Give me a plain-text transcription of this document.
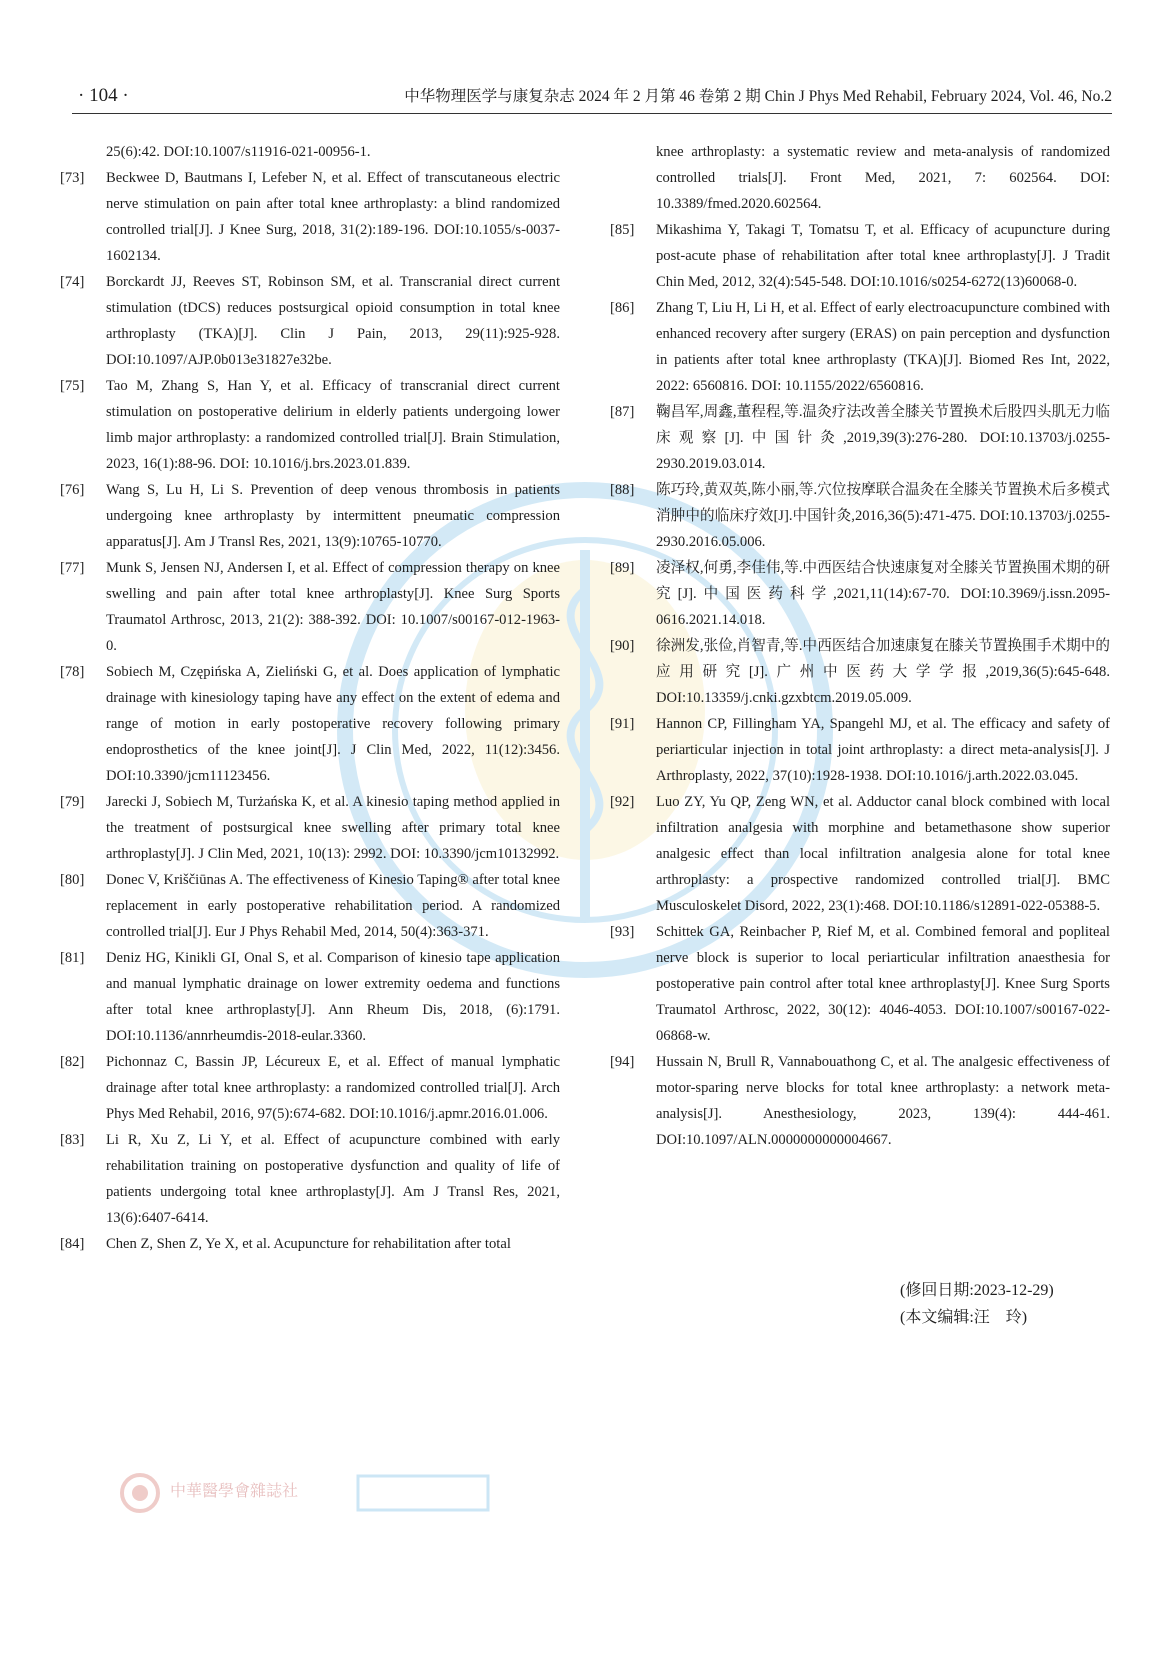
· 104 ·	中华物理医学与康复杂志 2024 年 2 月第 46 卷第 2 期 Chin J Phys Med Rehabil, February 2024, Vol. 46, No.2
25(6):42. DOI:10.1007/s11916-021-00956-1.
[73] Beckwee D, Bautmans I, Lefeber N, et al. Effect of transcutaneous electric nerve stimulation on pain after total knee arthroplasty: a blind randomized controlled trial[J]. J Knee Surg, 2018, 31(2):189-196. DOI:10.1055/s-0037-1602134.
[74] Borckardt JJ, Reeves ST, Robinson SM, et al. Transcranial direct current stimulation (tDCS) reduces postsurgical opioid consumption in total knee arthroplasty (TKA)[J]. Clin J Pain, 2013, 29(11):925-928. DOI:10.1097/AJP.0b013e31827e32be.
[75] Tao M, Zhang S, Han Y, et al. Efficacy of transcranial direct current stimulation on postoperative delirium in elderly patients undergoing lower limb major arthroplasty: a randomized controlled trial[J]. Brain Stimulation, 2023, 16(1):88-96. DOI: 10.1016/j.brs.2023.01.839.
[76] Wang S, Lu H, Li S. Prevention of deep venous thrombosis in patients undergoing knee arthroplasty by intermittent pneumatic compression apparatus[J]. Am J Transl Res, 2021, 13(9):10765-10770.
[77] Munk S, Jensen NJ, Andersen I, et al. Effect of compression therapy on knee swelling and pain after total knee arthroplasty[J]. Knee Surg Sports Traumatol Arthrosc, 2013, 21(2): 388-392. DOI: 10.1007/s00167-012-1963-0.
[78] Sobiech M, Czępińska A, Zieliński G, et al. Does application of lymphatic drainage with kinesiology taping have any effect on the extent of edema and range of motion in early postoperative recovery following primary endoprosthetics of the knee joint[J]. J Clin Med, 2022, 11(12):3456. DOI:10.3390/jcm11123456.
[79] Jarecki J, Sobiech M, Turżańska K, et al. A kinesio taping method applied in the treatment of postsurgical knee swelling after primary total knee arthroplasty[J]. J Clin Med, 2021, 10(13): 2992. DOI: 10.3390/jcm10132992.
[80] Donec V, Kriščiūnas A. The effectiveness of Kinesio Taping® after total knee replacement in early postoperative rehabilitation period. A randomized controlled trial[J]. Eur J Phys Rehabil Med, 2014, 50(4):363-371.
[81] Deniz HG, Kinikli GI, Onal S, et al. Comparison of kinesio tape application and manual lymphatic drainage on lower extremity oedema and functions after total knee arthroplasty[J]. Ann Rheum Dis, 2018, (6):1791. DOI:10.1136/annrheumdis-2018-eular.3360.
[82] Pichonnaz C, Bassin JP, Lécureux E, et al. Effect of manual lymphatic drainage after total knee arthroplasty: a randomized controlled trial[J]. Arch Phys Med Rehabil, 2016, 97(5):674-682. DOI:10.1016/j.apmr.2016.01.006.
[83] Li R, Xu Z, Li Y, et al. Effect of acupuncture combined with early rehabilitation training on postoperative dysfunction and quality of life of patients undergoing total knee arthroplasty[J]. Am J Transl Res, 2021, 13(6):6407-6414.
[84] Chen Z, Shen Z, Ye X, et al. Acupuncture for rehabilitation after total
knee arthroplasty: a systematic review and meta-analysis of randomized controlled trials[J]. Front Med, 2021, 7: 602564. DOI: 10.3389/fmed.2020.602564.
[85] Mikashima Y, Takagi T, Tomatsu T, et al. Efficacy of acupuncture during post-acute phase of rehabilitation after total knee arthroplasty[J]. J Tradit Chin Med, 2012, 32(4):545-548. DOI:10.1016/s0254-6272(13)60068-0.
[86] Zhang T, Liu H, Li H, et al. Effect of early electroacupuncture combined with enhanced recovery after surgery (ERAS) on pain perception and dysfunction in patients after total knee arthroplasty (TKA)[J]. Biomed Res Int, 2022, 2022: 6560816. DOI: 10.1155/2022/6560816.
[87] 鞠昌军,周鑫,董程程,等.温灸疗法改善全膝关节置换术后股四头肌无力临床观察[J].中国针灸,2019,39(3):276-280. DOI:10.13703/j.0255-2930.2019.03.014.
[88] 陈巧玲,黄双英,陈小丽,等.穴位按摩联合温灸在全膝关节置换术后多模式消肿中的临床疗效[J].中国针灸,2016,36(5):471-475. DOI:10.13703/j.0255-2930.2016.05.006.
[89] 凌泽权,何勇,李佳伟,等.中西医结合快速康复对全膝关节置换围术期的研究[J].中国医药科学,2021,11(14):67-70. DOI:10.3969/j.issn.2095-0616.2021.14.018.
[90] 徐洲发,张俭,肖智青,等.中西医结合加速康复在膝关节置换围手术期中的应用研究[J].广州中医药大学学报,2019,36(5):645-648. DOI:10.13359/j.cnki.gzxbtcm.2019.05.009.
[91] Hannon CP, Fillingham YA, Spangehl MJ, et al. The efficacy and safety of periarticular injection in total joint arthroplasty: a direct meta-analysis[J]. J Arthroplasty, 2022, 37(10):1928-1938. DOI:10.1016/j.arth.2022.03.045.
[92] Luo ZY, Yu QP, Zeng WN, et al. Adductor canal block combined with local infiltration analgesia with morphine and betamethasone show superior analgesic effect than local infiltration analgesia alone for total knee arthroplasty: a prospective randomized controlled trial[J]. BMC Musculoskelet Disord, 2022, 23(1):468. DOI:10.1186/s12891-022-05388-5.
[93] Schittek GA, Reinbacher P, Rief M, et al. Combined femoral and popliteal nerve block is superior to local periarticular infiltration anaesthesia for postoperative pain control after total knee arthroplasty[J]. Knee Surg Sports Traumatol Arthrosc, 2022, 30(12): 4046-4053. DOI:10.1007/s00167-022-06868-w.
[94] Hussain N, Brull R, Vannabouathong C, et al. The analgesic effectiveness of motor-sparing nerve blocks for total knee arthroplasty: a network meta-analysis[J]. Anesthesiology, 2023, 139(4): 444-461. DOI:10.1097/ALN.0000000000004667.
(修回日期:2023-12-29)
(本文编辑:汪　玲)
中華醫學會雜誌社
